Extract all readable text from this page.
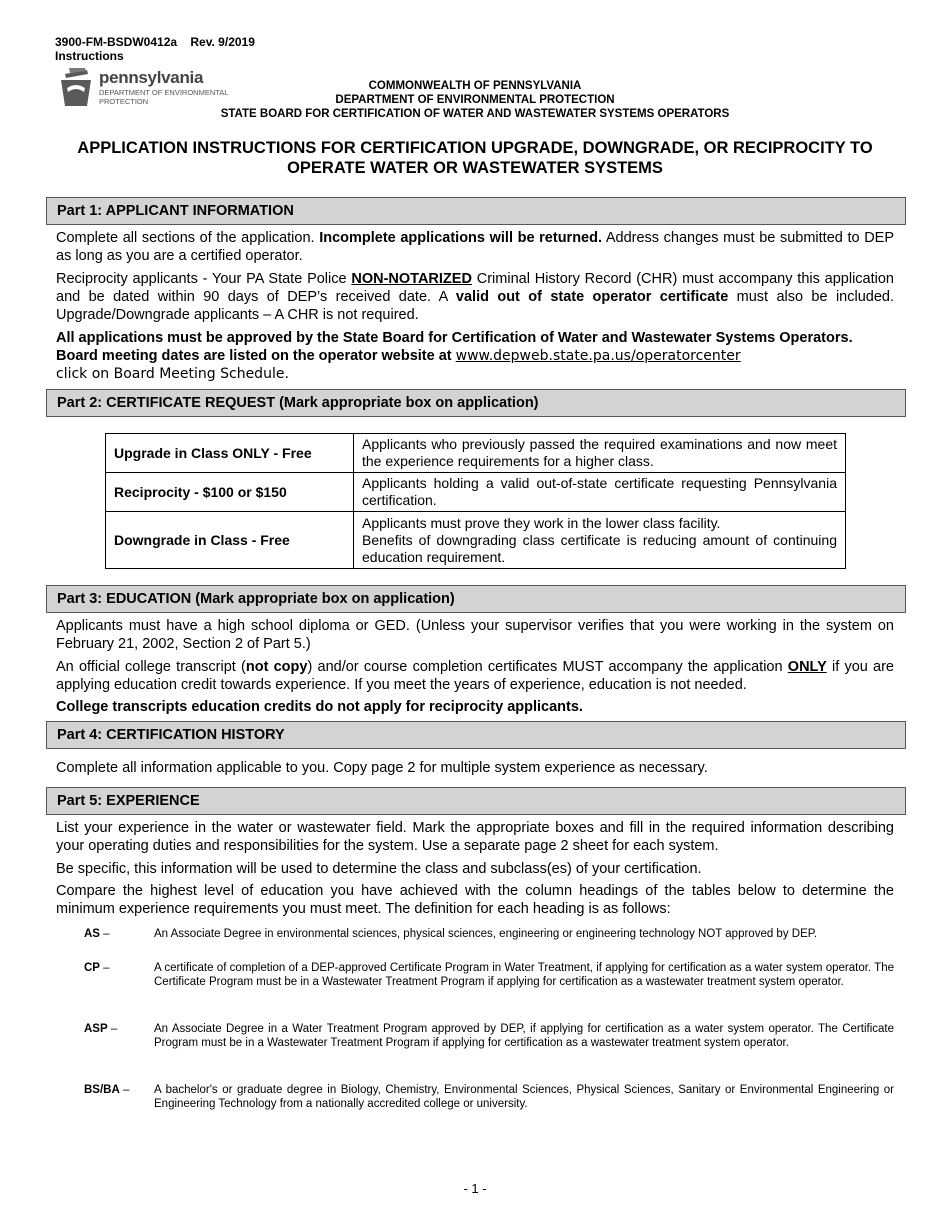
3900-FM-BSDW0412a Rev. 9/2019
Instructions
pennsylvania
DEPARTMENT OF ENVIRONMENTAL PROTECTION
COMMONWEALTH OF PENNSYLVANIA
DEPARTMENT OF ENVIRONMENTAL PROTECTION
STATE BOARD FOR CERTIFICATION OF WATER AND WASTEWATER SYSTEMS OPERATORS
APPLICATION INSTRUCTIONS FOR CERTIFICATION UPGRADE, DOWNGRADE, OR RECIPROCITY TO
OPERATE WATER OR WASTEWATER SYSTEMS
Part 1: APPLICANT INFORMATION
Complete all sections of the application. Incomplete applications will be returned. Address changes must be submitted to DEP as long as you are a certified operator.
Reciprocity applicants - Your PA State Police NON-NOTARIZED Criminal History Record (CHR) must accompany this application and be dated within 90 days of DEP’s received date. A valid out of state operator certificate must also be included. Upgrade/Downgrade applicants – A CHR is not required.
All applications must be approved by the State Board for Certification of Water and Wastewater Systems Operators. Board meeting dates are listed on the operator website at www.depweb.state.pa.us/operatorcenter
click on Board Meeting Schedule.
Part 2: CERTIFICATE REQUEST (Mark appropriate box on application)
Upgrade in Class ONLY - Free	Applicants who previously passed the required examinations and now meet the experience requirements for a higher class.
Reciprocity - $100 or $150	Applicants holding a valid out-of-state certificate requesting Pennsylvania certification.
Downgrade in Class - Free	Applicants must prove they work in the lower class facility.
Benefits of downgrading class certificate is reducing amount of continuing education requirement.
Part 3: EDUCATION (Mark appropriate box on application)
Applicants must have a high school diploma or GED. (Unless your supervisor verifies that you were working in the system on February 21, 2002, Section 2 of Part 5.)
An official college transcript (not copy) and/or course completion certificates MUST accompany the application ONLY if you are applying education credit towards experience. If you meet the years of experience, education is not needed.
College transcripts education credits do not apply for reciprocity applicants.
Part 4: CERTIFICATION HISTORY
Complete all information applicable to you. Copy page 2 for multiple system experience as necessary.
Part 5: EXPERIENCE
List your experience in the water or wastewater field. Mark the appropriate boxes and fill in the required information describing your operating duties and responsibilities for the system. Use a separate page 2 sheet for each system.
Be specific, this information will be used to determine the class and subclass(es) of your certification.
Compare the highest level of education you have achieved with the column headings of the tables below to determine the minimum experience requirements you must meet. The definition for each heading is as follows:
AS –	An Associate Degree in environmental sciences, physical sciences, engineering or engineering technology NOT approved by DEP.
CP –	A certificate of completion of a DEP-approved Certificate Program in Water Treatment, if applying for certification as a water system operator. The Certificate Program must be in a Wastewater Treatment Program if applying for certification as a wastewater treatment system operator.
ASP –	An Associate Degree in a Water Treatment Program approved by DEP, if applying for certification as a water system operator. The Certificate Program must be in a Wastewater Treatment Program if applying for certification as a wastewater treatment system operator.
BS/BA –	A bachelor's or graduate degree in Biology, Chemistry, Environmental Sciences, Physical Sciences, Sanitary or Environmental Engineering or Engineering Technology from a nationally accredited college or university.
- 1 -
